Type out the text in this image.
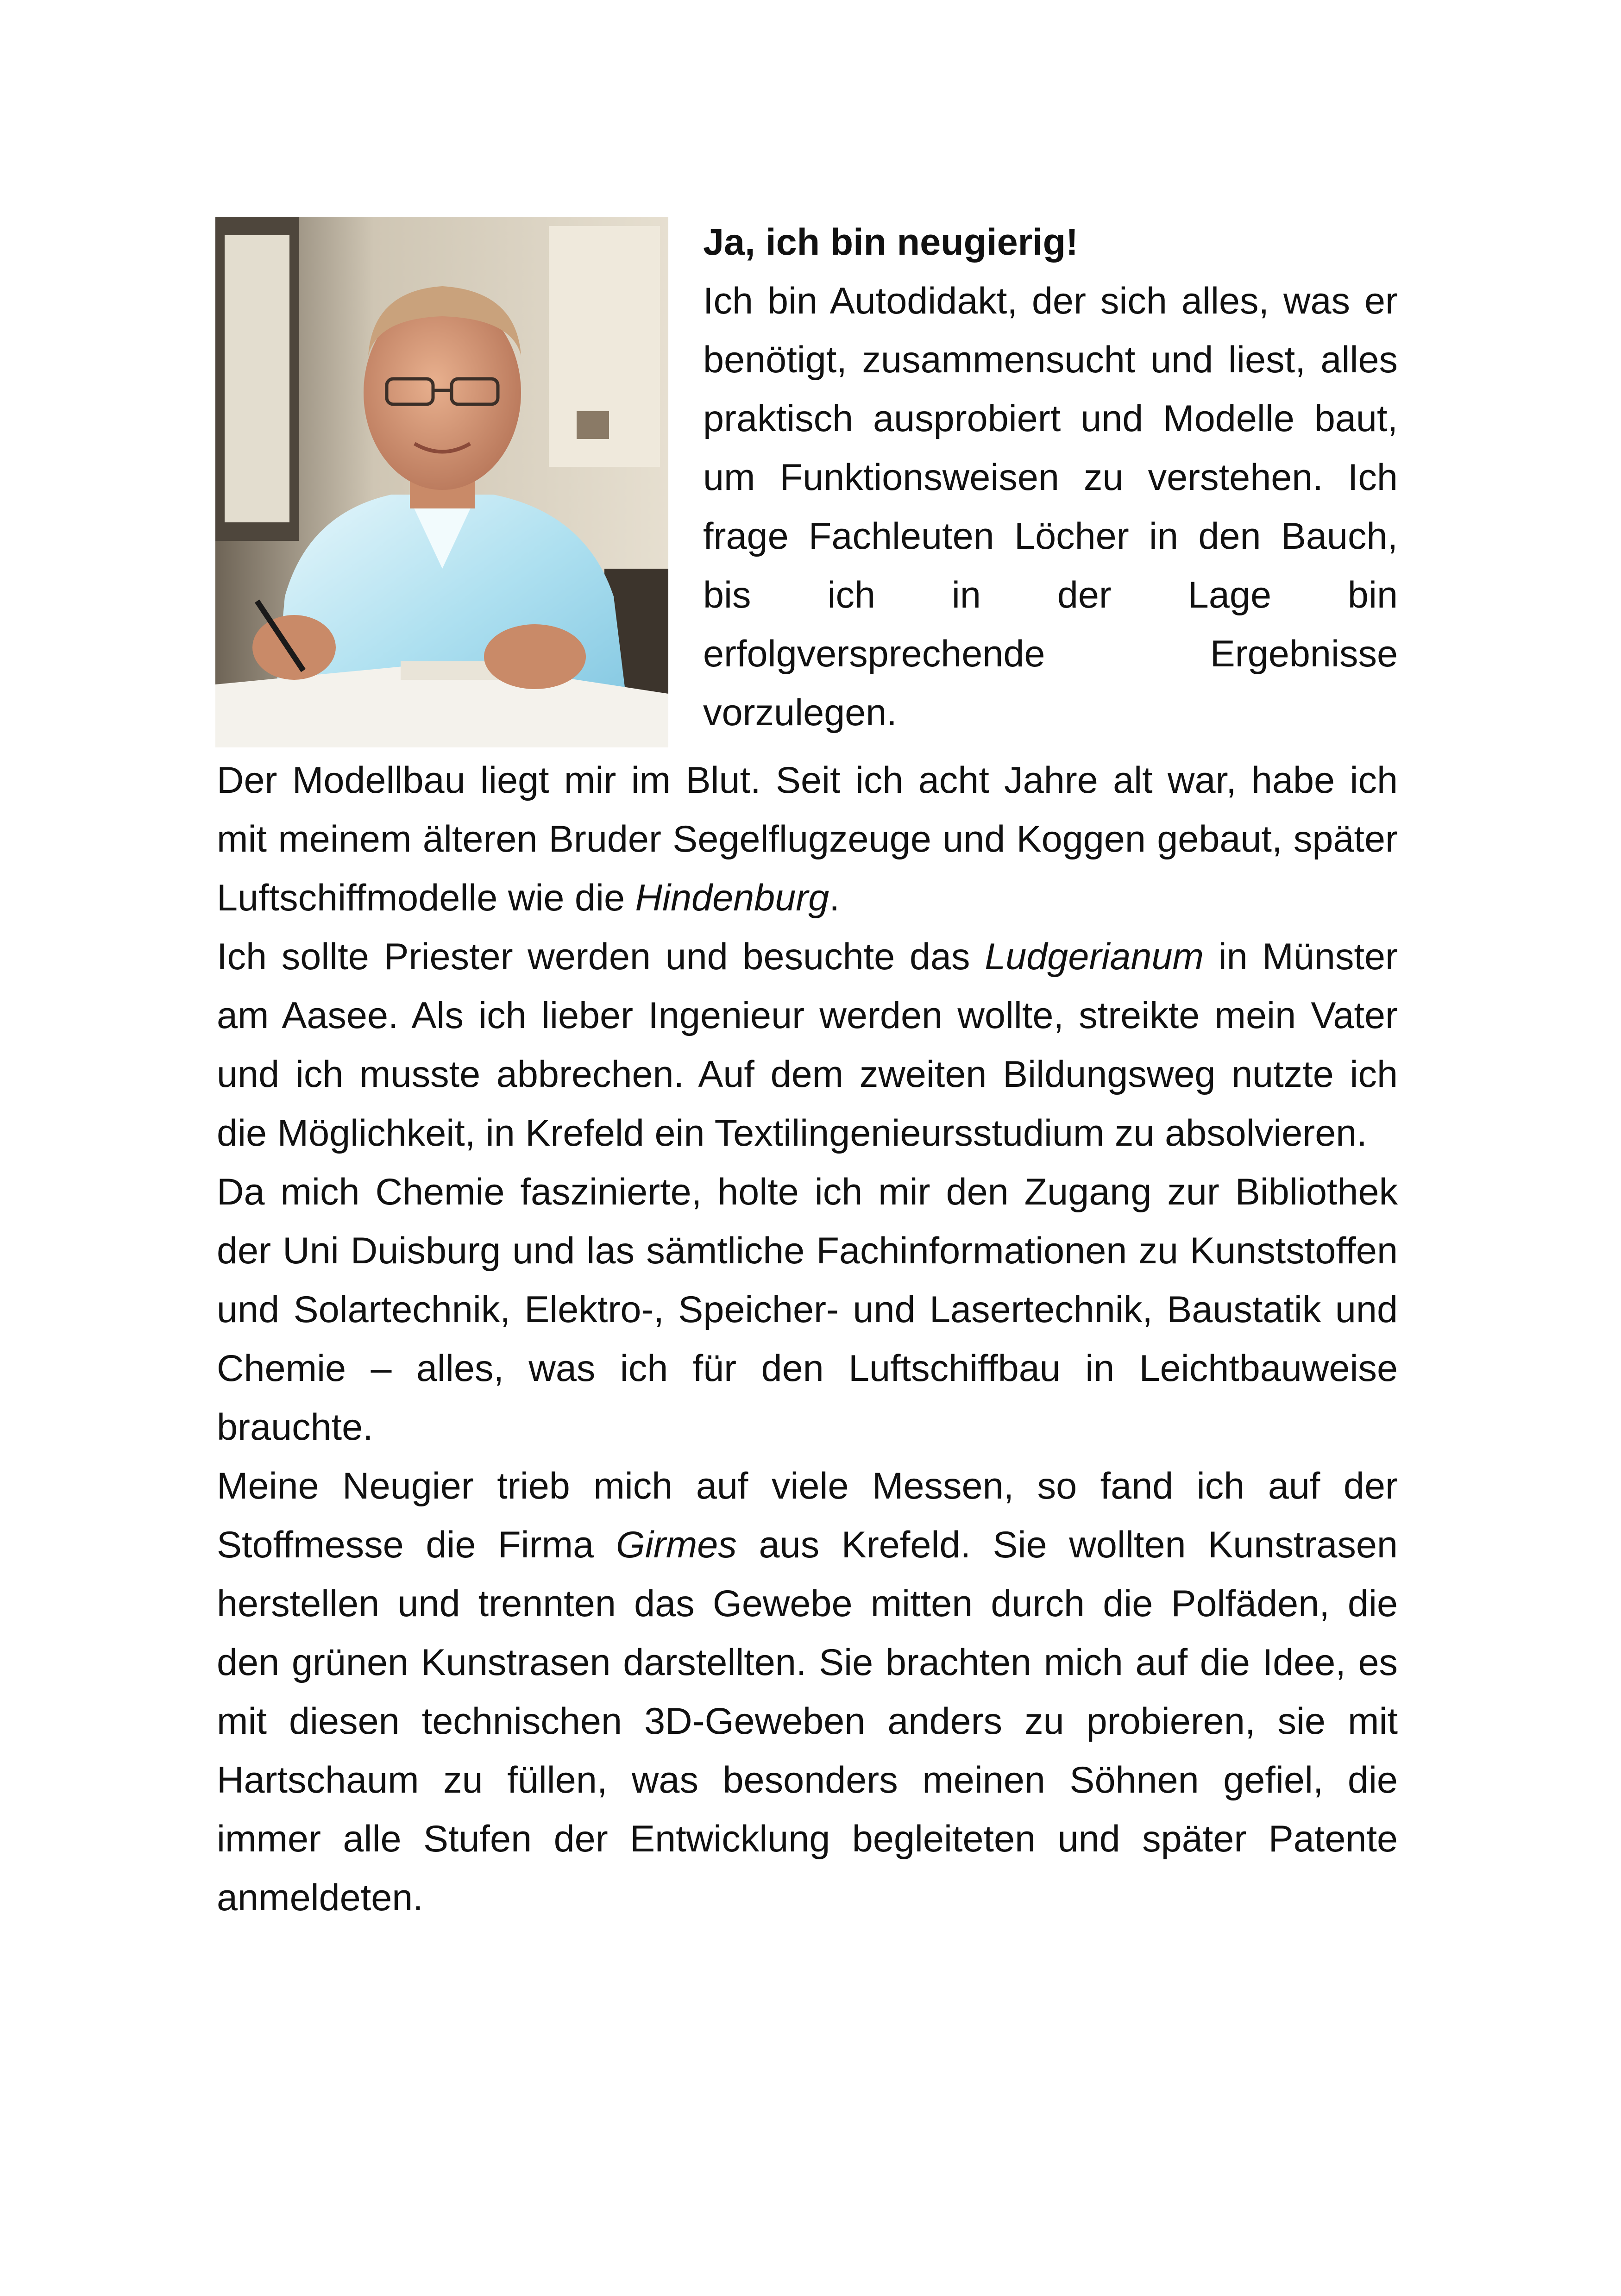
Ja, ich bin neugierig!

Ich bin Autodidakt, der sich alles, was er benötigt, zusammensucht und liest, alles praktisch ausprobiert und Modelle baut, um Funktionsweisen zu verstehen. Ich frage Fachleuten Löcher in den Bauch, bis ich in der Lage bin erfolgversprechende Ergebnisse vorzulegen.

Der Modellbau liegt mir im Blut. Seit ich acht Jahre alt war, habe ich mit meinem älteren Bruder Segelflugzeuge und Koggen gebaut, später Luftschiffmodelle wie die Hindenburg.

Ich sollte Priester werden und besuchte das Ludgerianum in Münster am Aasee. Als ich lieber Ingenieur werden wollte, streikte mein Vater und ich musste abbrechen. Auf dem zweiten Bildungsweg nutzte ich die Möglichkeit, in Krefeld ein Textilingenieursstudium zu absolvieren.

Da mich Chemie faszinierte, holte ich mir den Zugang zur Bibliothek der Uni Duisburg und las sämtliche Fachinformationen zu Kunststoffen und Solartechnik, Elektro-, Speicher- und Lasertechnik, Baustatik und Chemie – alles, was ich für den Luftschiffbau in Leichtbauweise brauchte.

Meine Neugier trieb mich auf viele Messen, so fand ich auf der Stoffmesse die Firma Girmes aus Krefeld. Sie wollten Kunstrasen herstellen und trennten das Gewebe mitten durch die Polfäden, die den grünen Kunstrasen darstellten. Sie brachten mich auf die Idee, es mit diesen technischen 3D-Geweben anders zu probieren, sie mit Hartschaum zu füllen, was besonders meinen Söhnen gefiel, die immer alle Stufen der Entwicklung begleiteten und später Patente anmeldeten.
